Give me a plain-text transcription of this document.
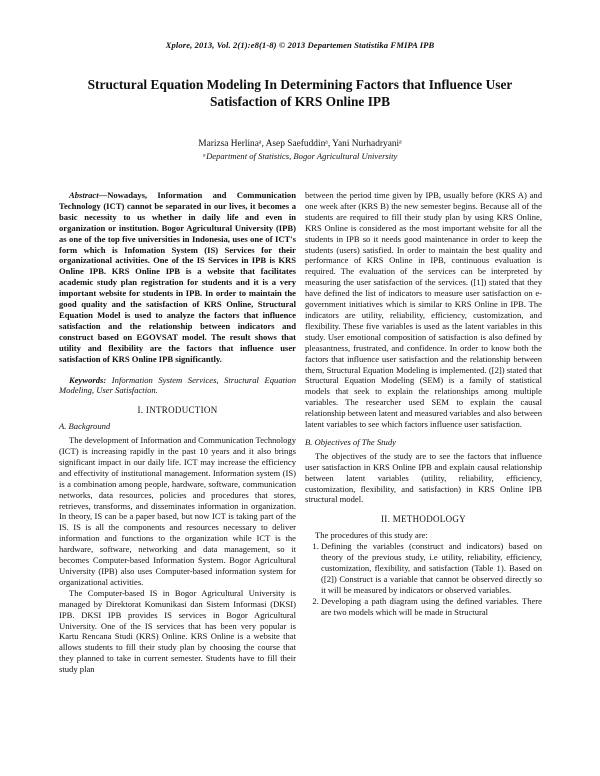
Xplore, 2013, Vol. 2(1):e8(1-8) © 2013 Departemen Statistika FMIPA IPB
Structural Equation Modeling In Determining Factors that Influence User Satisfaction of KRS Online IPB
Marizsa Herlinaᵃ, Asep Saefuddinᵃ, Yani Nurhadryaniᵃ
ᵃDepartment of Statistics, Bogor Agricultural University

Abstract—Nowadays, Information and Communication Technology (ICT) cannot be separated in our lives, it becomes a basic necessity to us whether in daily life and even in organization or institution. Bogor Agricultural University (IPB) as one of the top five universities in Indonesia, uses one of ICT's form which is Infomation System (IS) Services for their organizational activities. One of the IS Services in IPB is KRS Online IPB. KRS Online IPB is a website that facilitates academic study plan registration for students and it is a very important website for students in IPB. In order to maintain the good quality and the satisfaction of KRS Online, Structural Equation Model is used to analyze the factors that influence satisfaction and the relationship between indicators and construct based on EGOVSAT model. The result shows that utility and flexibility are the factors that influence user satisfaction of KRS Online IPB significantly.

Keywords: Information System Services, Structural Equation Modeling, User Satisfaction.

I. INTRODUCTION
A. Background

The development of Information and Communication Technology (ICT) is increasing rapidly in the past 10 years and it also brings significant impact in our daily life. ICT may increase the efficiency and effectivity of institutional management. Information system (IS) is a combination among people, hardware, software, communication networks, data resources, policies and procedures that stores, retrieves, transforms, and disseminates information in organization. In theory, IS can be a paper based, but now ICT is taking part of the IS. IS is all the components and resources necessary to deliver information and functions to the organization while ICT is the hardware, software, networking and data management, so it becomes Computer-based Information System. Bogor Agricultural University (IPB) also uses Computer-based information system for organizational activities.

The Computer-based IS in Bogor Agricultural University is managed by Direktorat Komunikasi dan Sistem Informasi (DKSI) IPB. DKSI IPB provides IS services in Bogor Agricultural University. One of the IS services that has been very popular is Kartu Rencana Studi (KRS) Online. KRS Online is a website that allows students to fill their study plan by choosing the course that they planned to take in current semester. Students have to fill their study plan

between the period time given by IPB, usually before (KRS A) and one week after (KRS B) the new semester begins. Because all of the students are required to fill their study plan by using KRS Online, KRS Online is considered as the most important website for all the students in IPB so it needs good maintenance in order to keep the students (users) satisfied. In order to maintain the best quality and performance of KRS Online in IPB, continuous evaluation is required. The evaluation of the services can be interpreted by measuring the user satisfaction of the services. ([1]) stated that they have defined the list of indicators to measure user satisfaction on e-government initiatives which is similar to KRS Online in IPB. The indicators are utility, reliability, efficiency, customization, and flexibility. These five variables is used as the latent variables in this study. User emotional composition of satisfaction is also defined by pleasantness, frustrated, and confidence. In order to know both the factors that influence user satisfaction and the relationship between them, Structural Equation Modeling is implemented. ([2]) stated that Structural Equation Modeling (SEM) is a family of statistical models that seek to explain the relationships among multiple variables. The researcher used SEM to explain the causal relationship between latent and measured variables and also between latent variables to see which factors influence user satisfaction.

B. Objectives of The Study

The objectives of the study are to see the factors that influence user satisfaction in KRS Online IPB and explain causal relationship between latent variables (utility, reliability, efficiency, customization, flexibility, and satisfaction) in KRS Online IPB structural model.

II. METHODOLOGY

The procedures of this study are:

1. Defining the variables (construct and indicators) based on theory of the previous study, i.e utility, reliability, efficiency, customization, flexibility, and satisfaction (Table 1). Based on ([2]) Construct is a variable that cannot be observed directly so it will be measured by indicators or observed variables.
2. Developing a path diagram using the defined variables. There are two models which will be made in Structural
